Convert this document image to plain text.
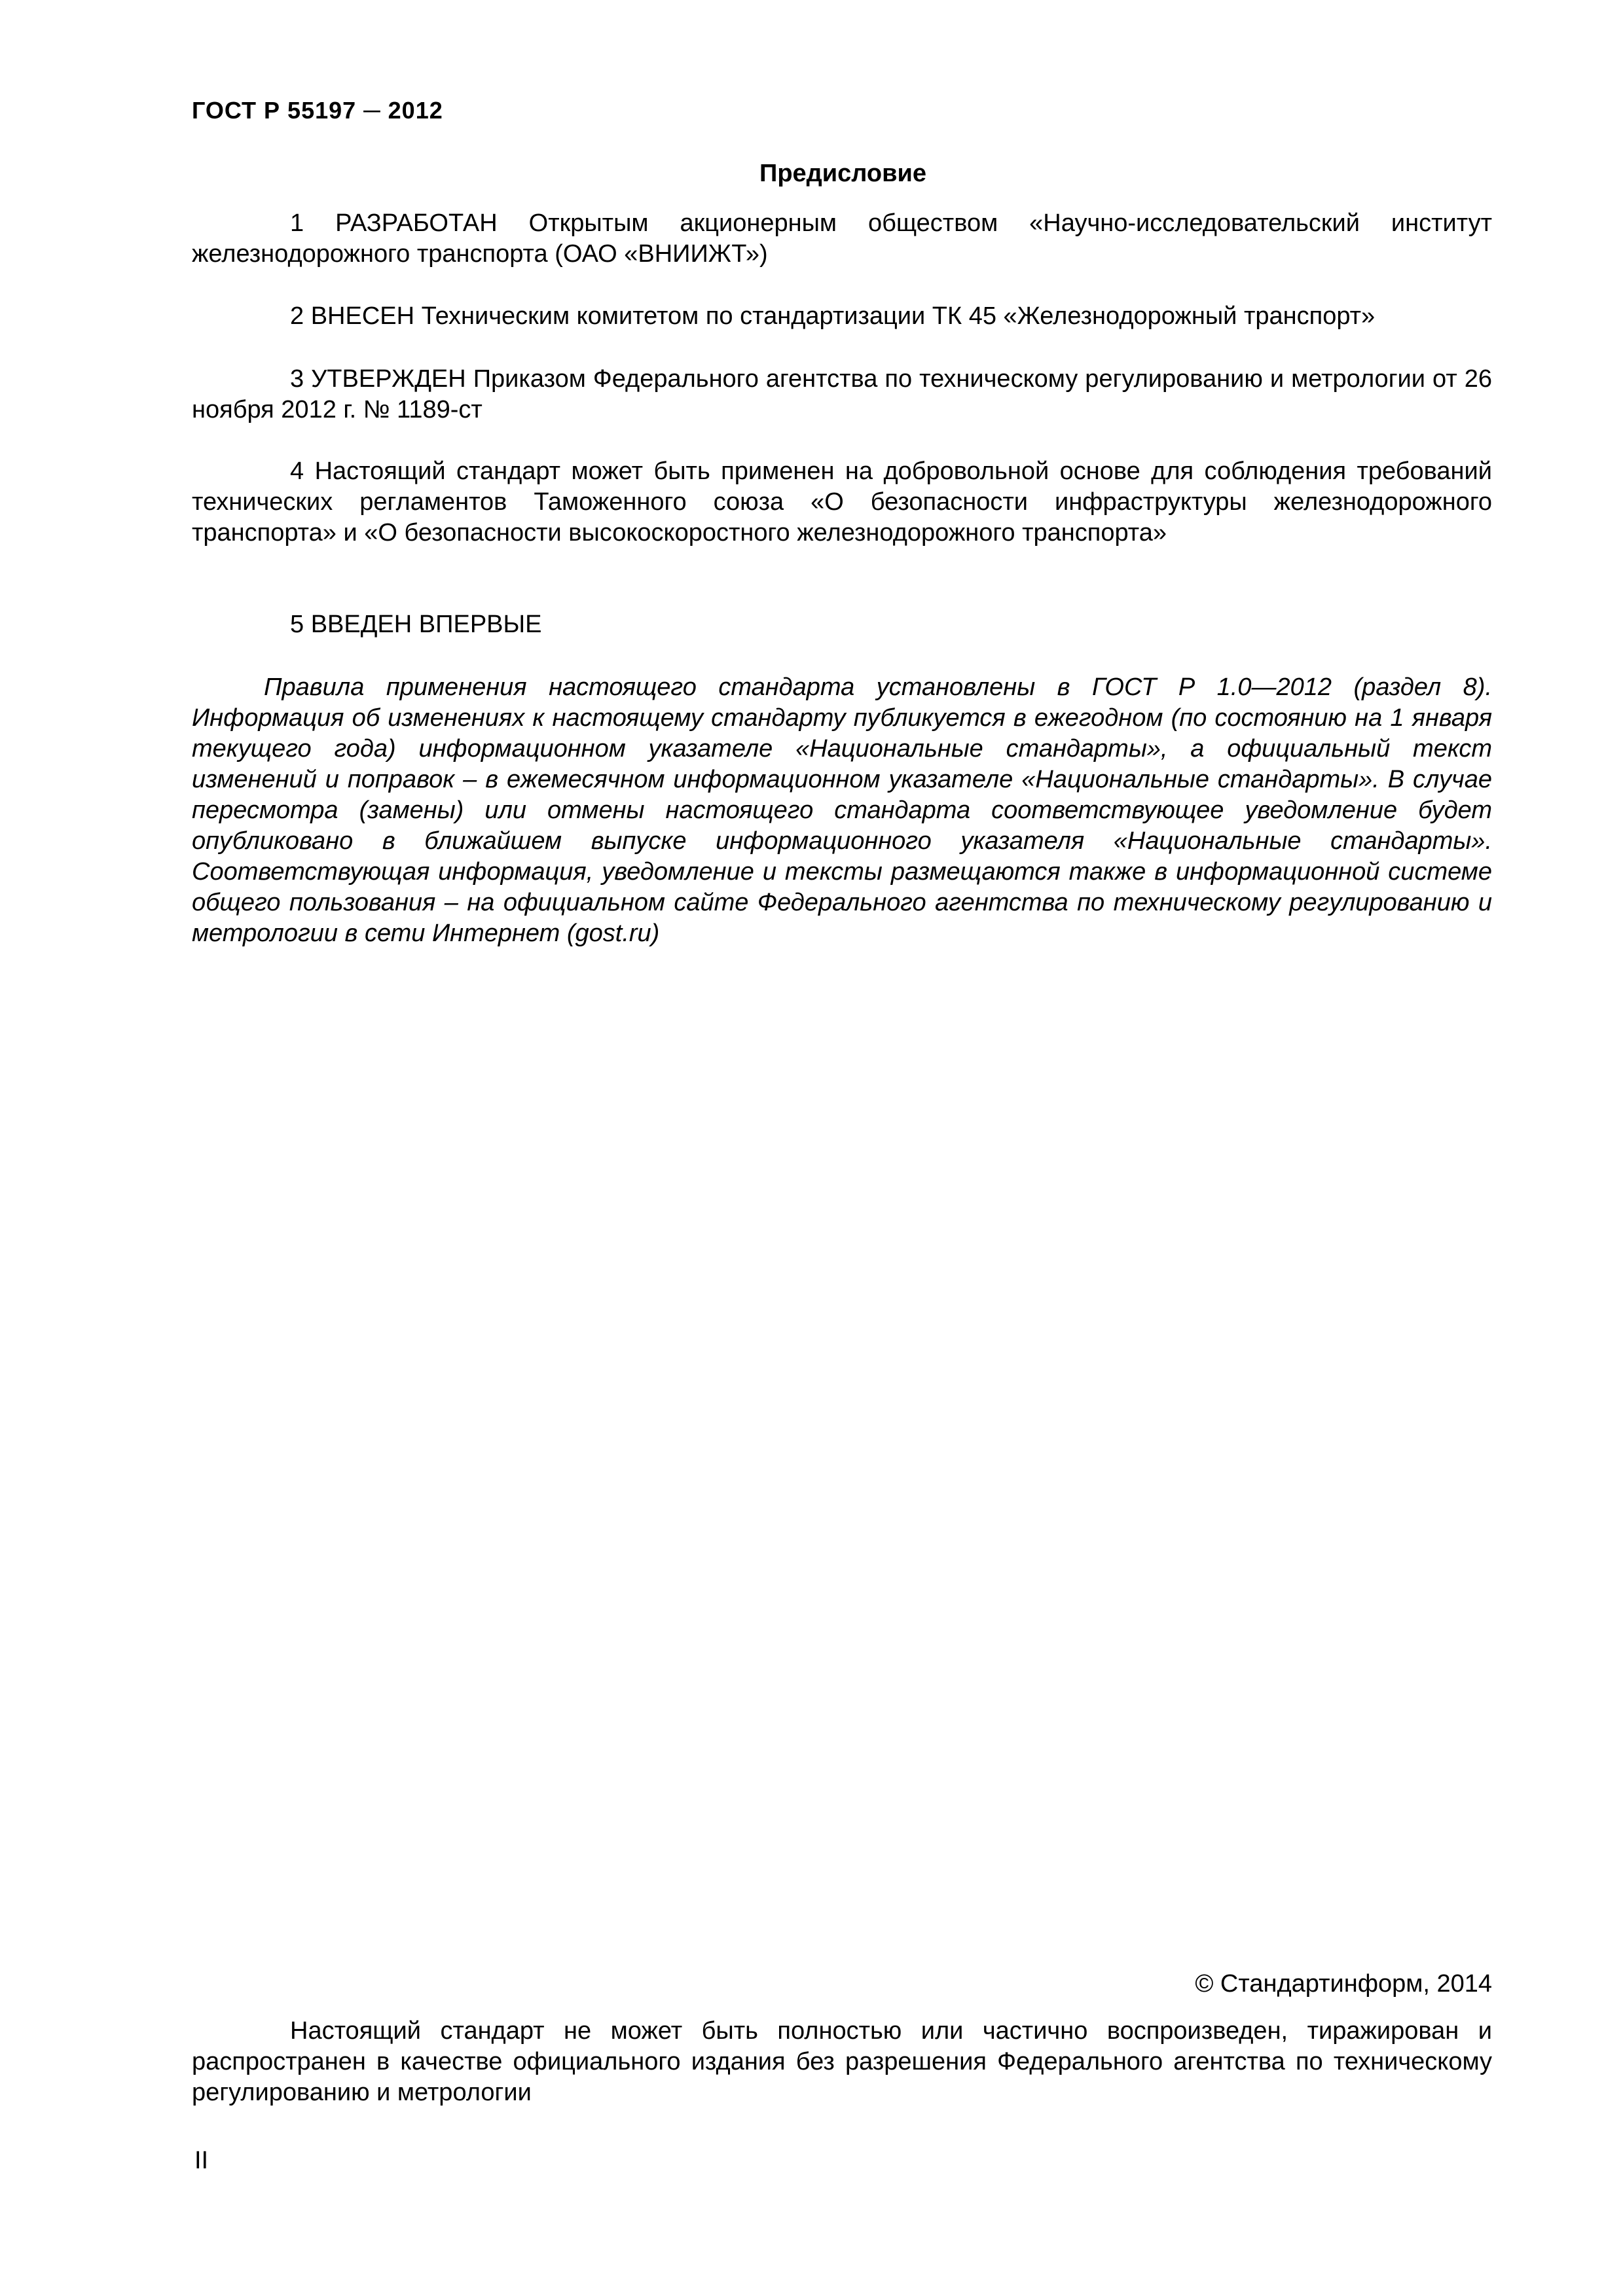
ГОСТ Р 55197 ─ 2012
Предисловие

1 РАЗРАБОТАН Открытым акционерным обществом «Научно-исследовательский институт железнодорожного транспорта (ОАО «ВНИИЖТ»)

2 ВНЕСЕН Техническим комитетом по стандартизации ТК 45 «Железнодорожный транспорт»

3 УТВЕРЖДЕН Приказом Федерального агентства по техническому регулированию и метрологии от 26 ноября 2012 г. № 1189-ст

4 Настоящий стандарт может быть применен на добровольной основе для соблюдения требований технических регламентов Таможенного союза «О безопасности инфраструктуры железнодорожного транспорта» и «О безопасности высокоскоростного железнодорожного транспорта»

5 ВВЕДЕН ВПЕРВЫЕ

Правила применения настоящего стандарта установлены в ГОСТ Р 1.0—2012 (раздел 8). Информация об изменениях к настоящему стандарту публикуется в ежегодном (по состоянию на 1 января текущего года) информационном указателе «Национальные стандарты», а официальный текст изменений и поправок – в ежемесячном информационном указателе «Национальные стандарты». В случае пересмотра (замены) или отмены настоящего стандарта соответствующее уведомление будет опубликовано в ближайшем выпуске информационного указателя «Национальные стандарты». Соответствующая информация, уведомление и тексты размещаются также в информационной системе общего пользования – на официальном сайте Федерального агентства по техническому регулированию и метрологии в сети Интернет (gost.ru)

© Стандартинформ, 2014

Настоящий стандарт не может быть полностью или частично воспроизведен, тиражирован и распространен в качестве официального издания без разрешения Федерального агентства по техническому регулированию и метрологии

II
